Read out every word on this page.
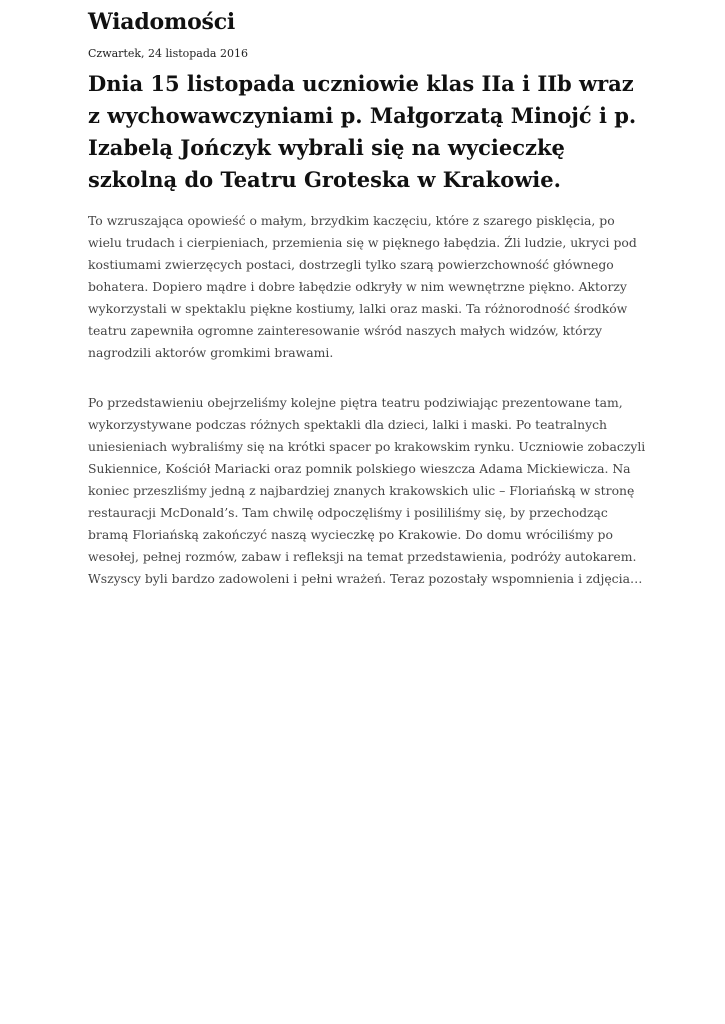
Wiadomości
Czwartek, 24 listopada 2016
Dnia 15 listopada uczniowie klas IIa i IIb wraz z wychowawczyniami p. Małgorzatą Minojć i p. Izabelą Jończyk wybrali się na wycieczkę szkolną do Teatru Groteska w Krakowie.

To wzruszająca opowieść o małym, brzydkim kaczęciu, które z szarego pisklęcia, po wielu trudach i cierpieniach, przemienia się w pięknego łabędzia. Źli ludzie, ukryci pod kostiumami zwierzęcych postaci, dostrzegli tylko szarą powierzchowność głównego bohatera. Dopiero mądre i dobre łabędzie odkryły w nim wewnętrzne piękno. Aktorzy wykorzystali w spektaklu piękne kostiumy, lalki oraz maski. Ta różnorodność środków teatru zapewniła ogromne zainteresowanie wśród naszych małych widzów, którzy nagrodzili aktorów gromkimi brawami.

Po przedstawieniu obejrzeliśmy kolejne piętra teatru podziwiając prezentowane tam, wykorzystywane podczas różnych spektakli dla dzieci, lalki i maski. Po teatralnych uniesieniach wybraliśmy się na krótki spacer po krakowskim rynku. Uczniowie zobaczyli Sukiennice, Kościół Mariacki oraz pomnik polskiego wieszcza Adama Mickiewicza. Na koniec przeszliśmy jedną z najbardziej znanych krakowskich ulic – Floriańską w stronę restauracji McDonald’s. Tam chwilę odpoczęliśmy i posililiśmy się, by przechodząc bramą Floriańską zakończyć naszą wycieczkę po Krakowie. Do domu wróciliśmy po wesołej, pełnej rozmów, zabaw i refleksji na temat przedstawienia, podróży autokarem. Wszyscy byli bardzo zadowoleni i pełni wrażeń. Teraz pozostały wspomnienia i zdjęcia…
